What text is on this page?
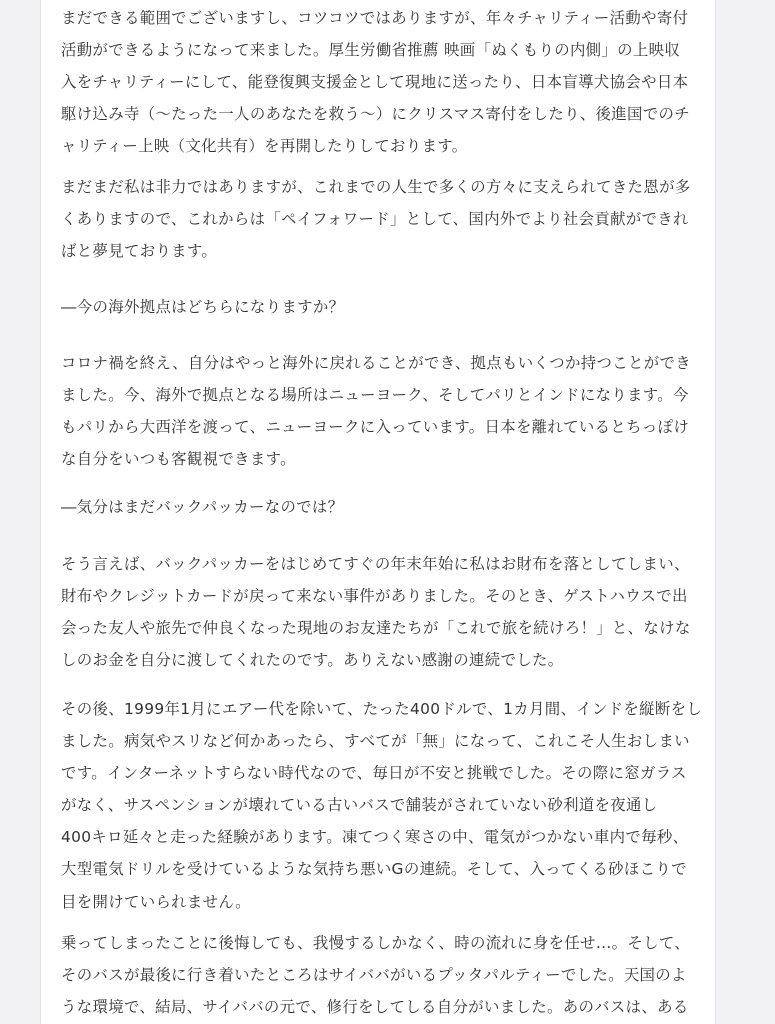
まだできる範囲でございますし、コツコツではありますが、年々チャリティー活動や寄付
活動ができるようになって来ました。厚生労働省推薦 映画「ぬくもりの内側」の上映収
入をチャリティーにして、能登復興支援金として現地に送ったり、日本盲導犬協会や日本
駆け込み寺（〜たった一人のあなたを救う〜）にクリスマス寄付をしたり、後進国でのチ
ャリティー上映（文化共有）を再開したりしております。

まだまだ私は非力ではありますが、これまでの人生で多くの方々に支えられてきた恩が多
くありますので、これからは「ペイフォワード」として、国内外でより社会貢献ができれ
ばと夢見ております。

―今の海外拠点はどちらになりますか？

コロナ禍を終え、自分はやっと海外に戻れることができ、拠点もいくつか持つことができ
ました。今、海外で拠点となる場所はニューヨーク、そしてパリとインドになります。今
もパリから大西洋を渡って、ニューヨークに入っています。日本を離れているとちっぽけ
な自分をいつも客観視できます。

―気分はまだバックパッカーなのでは？

そう言えば、バックパッカーをはじめてすぐの年末年始に私はお財布を落としてしまい、
財布やクレジットカードが戻って来ない事件がありました。そのとき、ゲストハウスで出
会った友人や旅先で仲良くなった現地のお友達たちが「これで旅を続けろ！」と、なけな
しのお金を自分に渡してくれたのです。ありえない感謝の連続でした。

その後、1999年1月にエアー代を除いて、たった400ドルで、1カ月間、インドを縦断をし
ました。病気やスリなど何かあったら、すべてが「無」になって、これこそ人生おしまい
です。インターネットすらない時代なので、毎日が不安と挑戦でした。その際に窓ガラス
がなく、サスペンションが壊れている古いバスで舗装がされていない砂利道を夜通し
400キロ延々と走った経験があります。凍てつく寒さの中、電気がつかない車内で毎秒、
大型電気ドリルを受けているような気持ち悪いGの連続。そして、入ってくる砂ほこりで
目を開けていられません。

乗ってしまったことに後悔しても、我慢するしかなく、時の流れに身を任せ…。そして、
そのバスが最後に行き着いたところはサイババがいるプッタパルティーでした。天国のよ
うな環境で、結局、サイババの元で、修行をしてしる自分がいました。あのバスは、ある
